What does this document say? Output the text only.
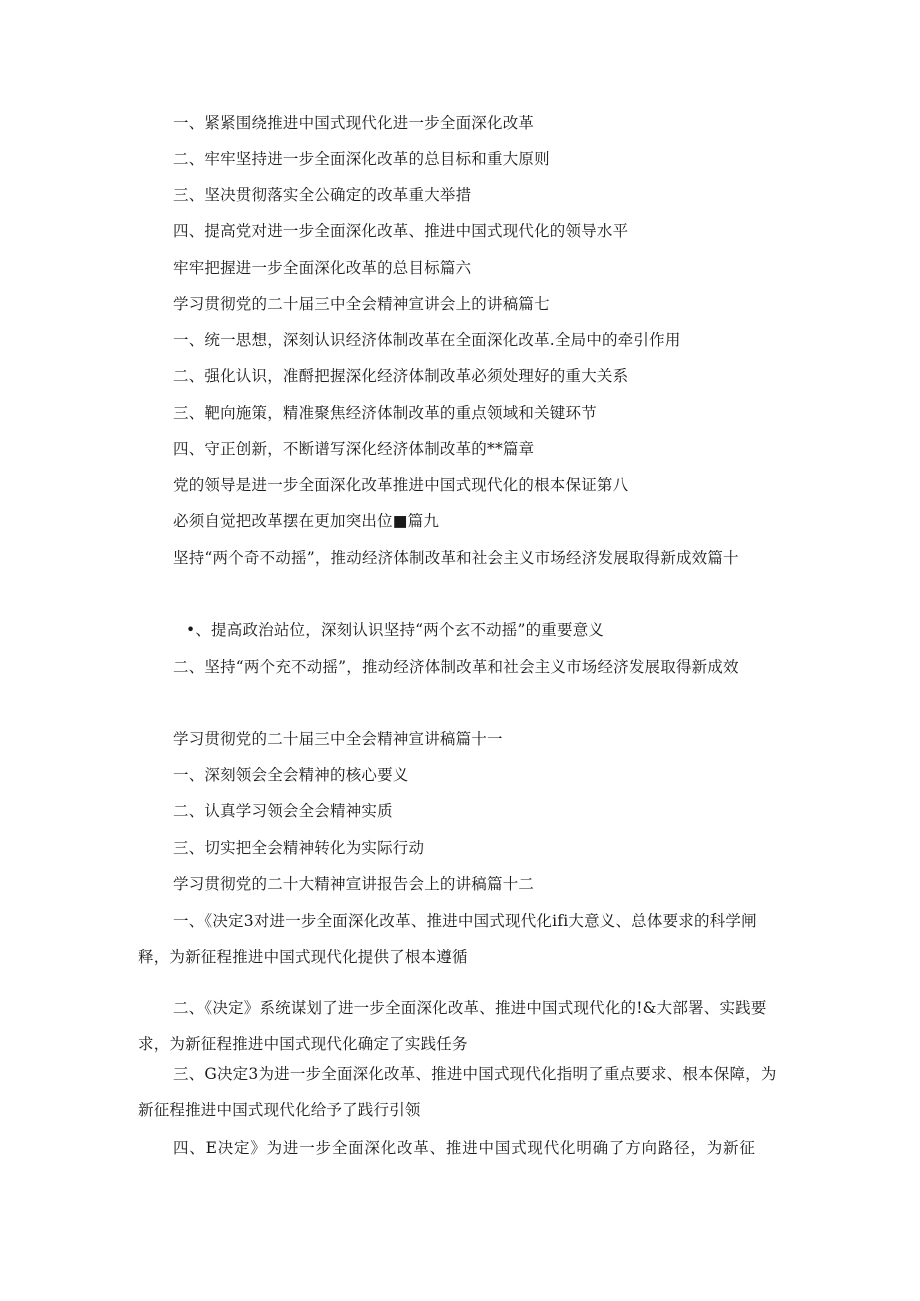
一、紧紧围绕推进中国式现代化进一步全面深化改革
二、牢牢坚持进一步全面深化改革的总目标和重大原则
三、坚决贯彻落实全公确定的改革重大举措
四、提高党对进一步全面深化改革、推进中国式现代化的领导水平
牢牢把握进一步全面深化改革的总目标篇六
学习贯彻党的二十届三中全会精神宣讲会上的讲稿篇七
一、统一思想，深刻认识经济体制改革在全面深化改革.全局中的牵引作用
二、强化认识，准酹把握深化经济体制改革必须处理好的重大关系
三、靶向施策，精准聚焦经济体制改革的重点领域和关键环节
四、守正创新，不断谱写深化经济体制改革的**篇章
党的领导是进一步全面深化改革推进中国式现代化的根本保证第八
必须自觉把改革摆在更加突出位■篇九
坚持“两个奇不动摇”，推动经济体制改革和社会主义市场经济发展取得新成效篇十
•、提高政治站位，深刻认识坚持“两个玄不动摇”的重要意义
二、坚持“两个充不动摇”，推动经济体制改革和社会主义市场经济发展取得新成效
学习贯彻党的二十届三中全会精神宣讲稿篇十一
一、深刻领会全会精神的核心要义
二、认真学习领会全会精神实质
三、切实把全会精神转化为实际行动
学习贯彻党的二十大精神宣讲报告会上的讲稿篇十二
一、《决定3对进一步全面深化改革、推进中国式现代化ifi大意义、总体要求的科学闸释，为新征程推进中国式现代化提供了根本遵循
二、《决定》系统谋划了进一步全面深化改革、推进中国式现代化的!&大部署、实践要求，为新征程推进中国式现代化确定了实践任务
三、G决定3为进一步全面深化改革、推进中国式现代化指明了重点要求、根本保障，为新征程推进中国式现代化给予了践行引领
四、E决定》为进一步全面深化改革、推进中国式现代化明确了方向路径，为新征
